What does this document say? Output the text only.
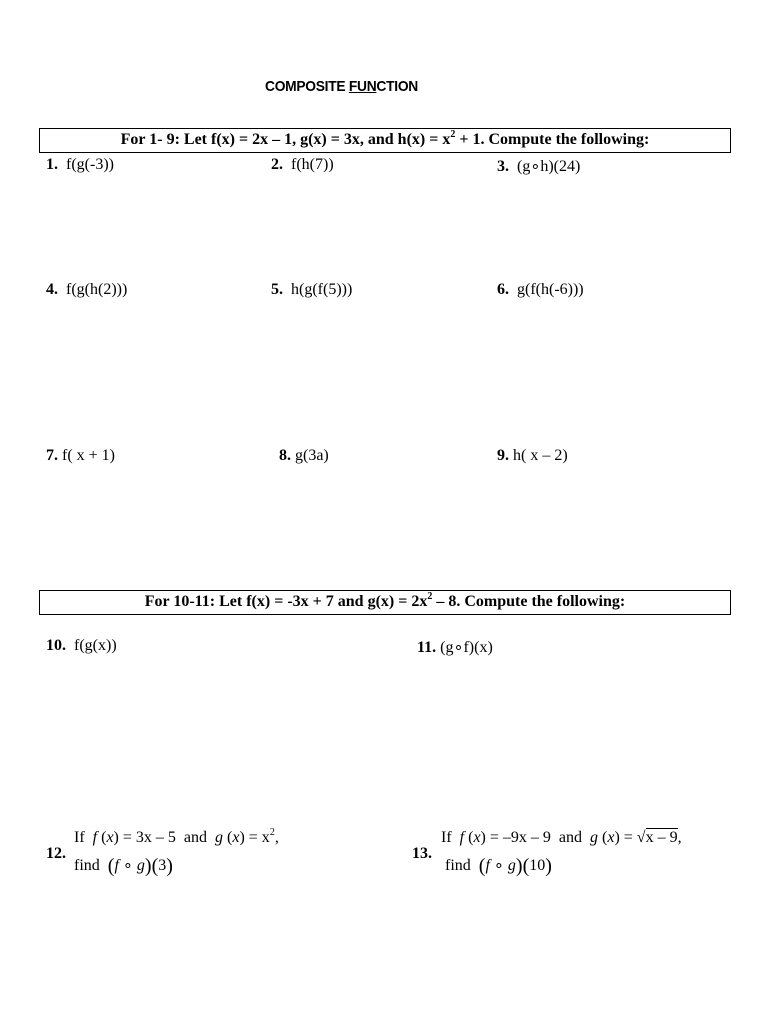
COMPOSITE FUNCTION
For 1- 9: Let f(x) = 2x – 1, g(x) = 3x, and $h(x) = x^2 + 1$. Compute the following:
1. f(g(-3))	2. f(h(7))	3. (g∘h)(24)
4. f(g(h(2)))	5. h(g(f(5)))	6. g(f(h(-6)))
7. f( x + 1)	8. g(3a)	9. h( x – 2)
For 10-11: Let f(x) = -3x + 7 and $g(x) = 2x^2 - 8$. Compute the following:
10. f(g(x))	11. (g∘f)(x)
12.
If f (x) = 3x – 5 and g $(x) = x^2$,
find (f ∘ g)(3)
13.
If f (x) = –9x – 9 and g (x) = √x – 9,
find (f ∘ g)(10)
